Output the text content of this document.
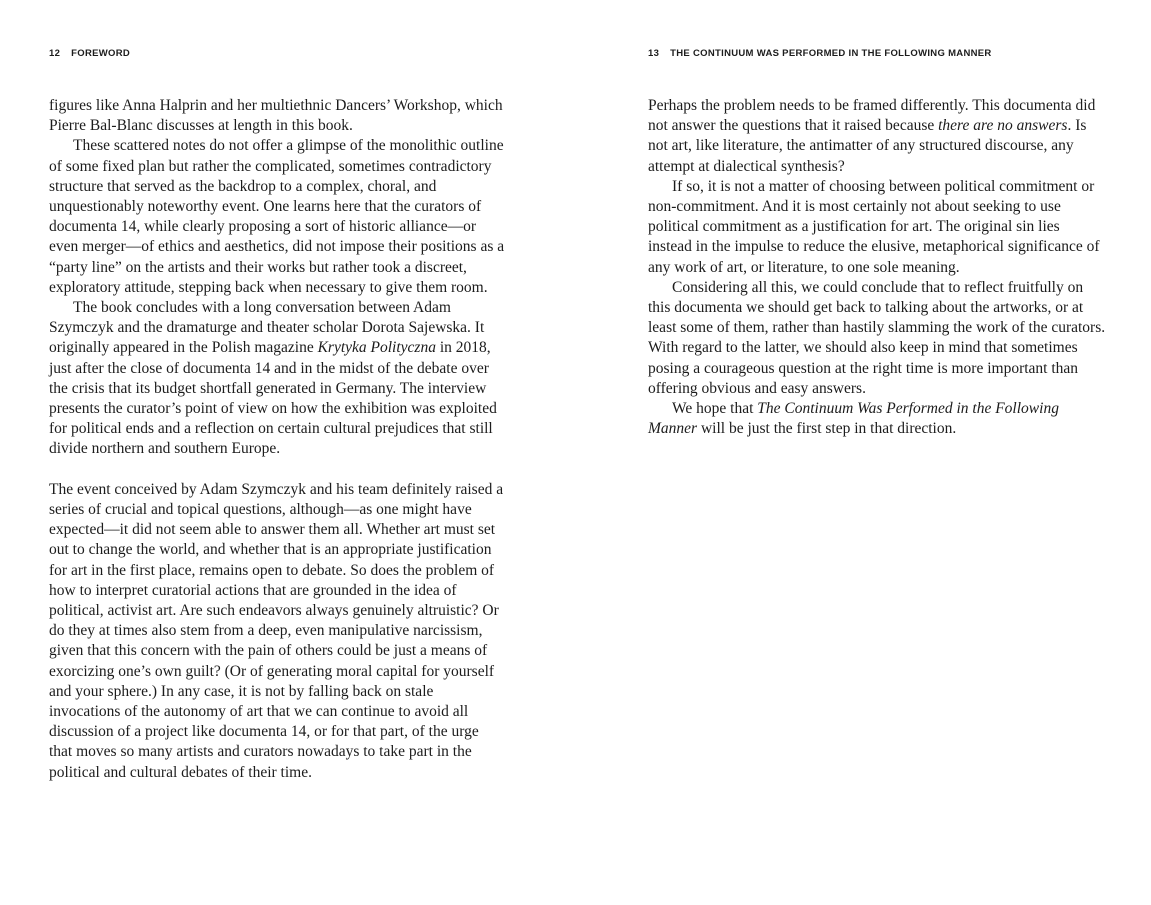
12 FOREWORD

figures like Anna Halprin and her multiethnic Dancers’ Workshop, which Pierre Bal-Blanc discusses at length in this book.

These scattered notes do not offer a glimpse of the monolithic outline of some fixed plan but rather the complicated, sometimes contradictory structure that served as the backdrop to a complex, choral, and unquestionably noteworthy event. One learns here that the curators of documenta 14, while clearly proposing a sort of historic alliance—or even merger—of ethics and aesthetics, did not impose their positions as a “party line” on the artists and their works but rather took a discreet, exploratory attitude, stepping back when necessary to give them room.

The book concludes with a long conversation between Adam Szymczyk and the dramaturge and theater scholar Dorota Sajewska. It originally appeared in the Polish magazine Krytyka Polityczna in 2018, just after the close of documenta 14 and in the midst of the debate over the crisis that its budget shortfall generated in Germany. The interview presents the curator’s point of view on how the exhibition was exploited for political ends and a reflection on certain cultural prejudices that still divide northern and southern Europe.

The event conceived by Adam Szymczyk and his team definitely raised a series of crucial and topical questions, although—as one might have expected—it did not seem able to answer them all. Whether art must set out to change the world, and whether that is an appropriate justification for art in the first place, remains open to debate. So does the problem of how to interpret curatorial actions that are grounded in the idea of political, activist art. Are such endeavors always genuinely altruistic? Or do they at times also stem from a deep, even manipulative narcissism, given that this concern with the pain of others could be just a means of exorcizing one’s own guilt? (Or of generating moral capital for yourself and your sphere.) In any case, it is not by falling back on stale invocations of the autonomy of art that we can continue to avoid all discussion of a project like documenta 14, or for that part, of the urge that moves so many artists and curators nowadays to take part in the political and cultural debates of their time.

13 THE CONTINUUM WAS PERFORMED IN THE FOLLOWING MANNER

Perhaps the problem needs to be framed differently. This documenta did not answer the questions that it raised because there are no answers. Is not art, like literature, the antimatter of any structured discourse, any attempt at dialectical synthesis?

If so, it is not a matter of choosing between political commitment or non-commitment. And it is most certainly not about seeking to use political commitment as a justification for art. The original sin lies instead in the impulse to reduce the elusive, metaphorical significance of any work of art, or literature, to one sole meaning.

Considering all this, we could conclude that to reflect fruitfully on this documenta we should get back to talking about the artworks, or at least some of them, rather than hastily slamming the work of the curators. With regard to the latter, we should also keep in mind that sometimes posing a courageous question at the right time is more important than offering obvious and easy answers.

We hope that The Continuum Was Performed in the Following Manner will be just the first step in that direction.
